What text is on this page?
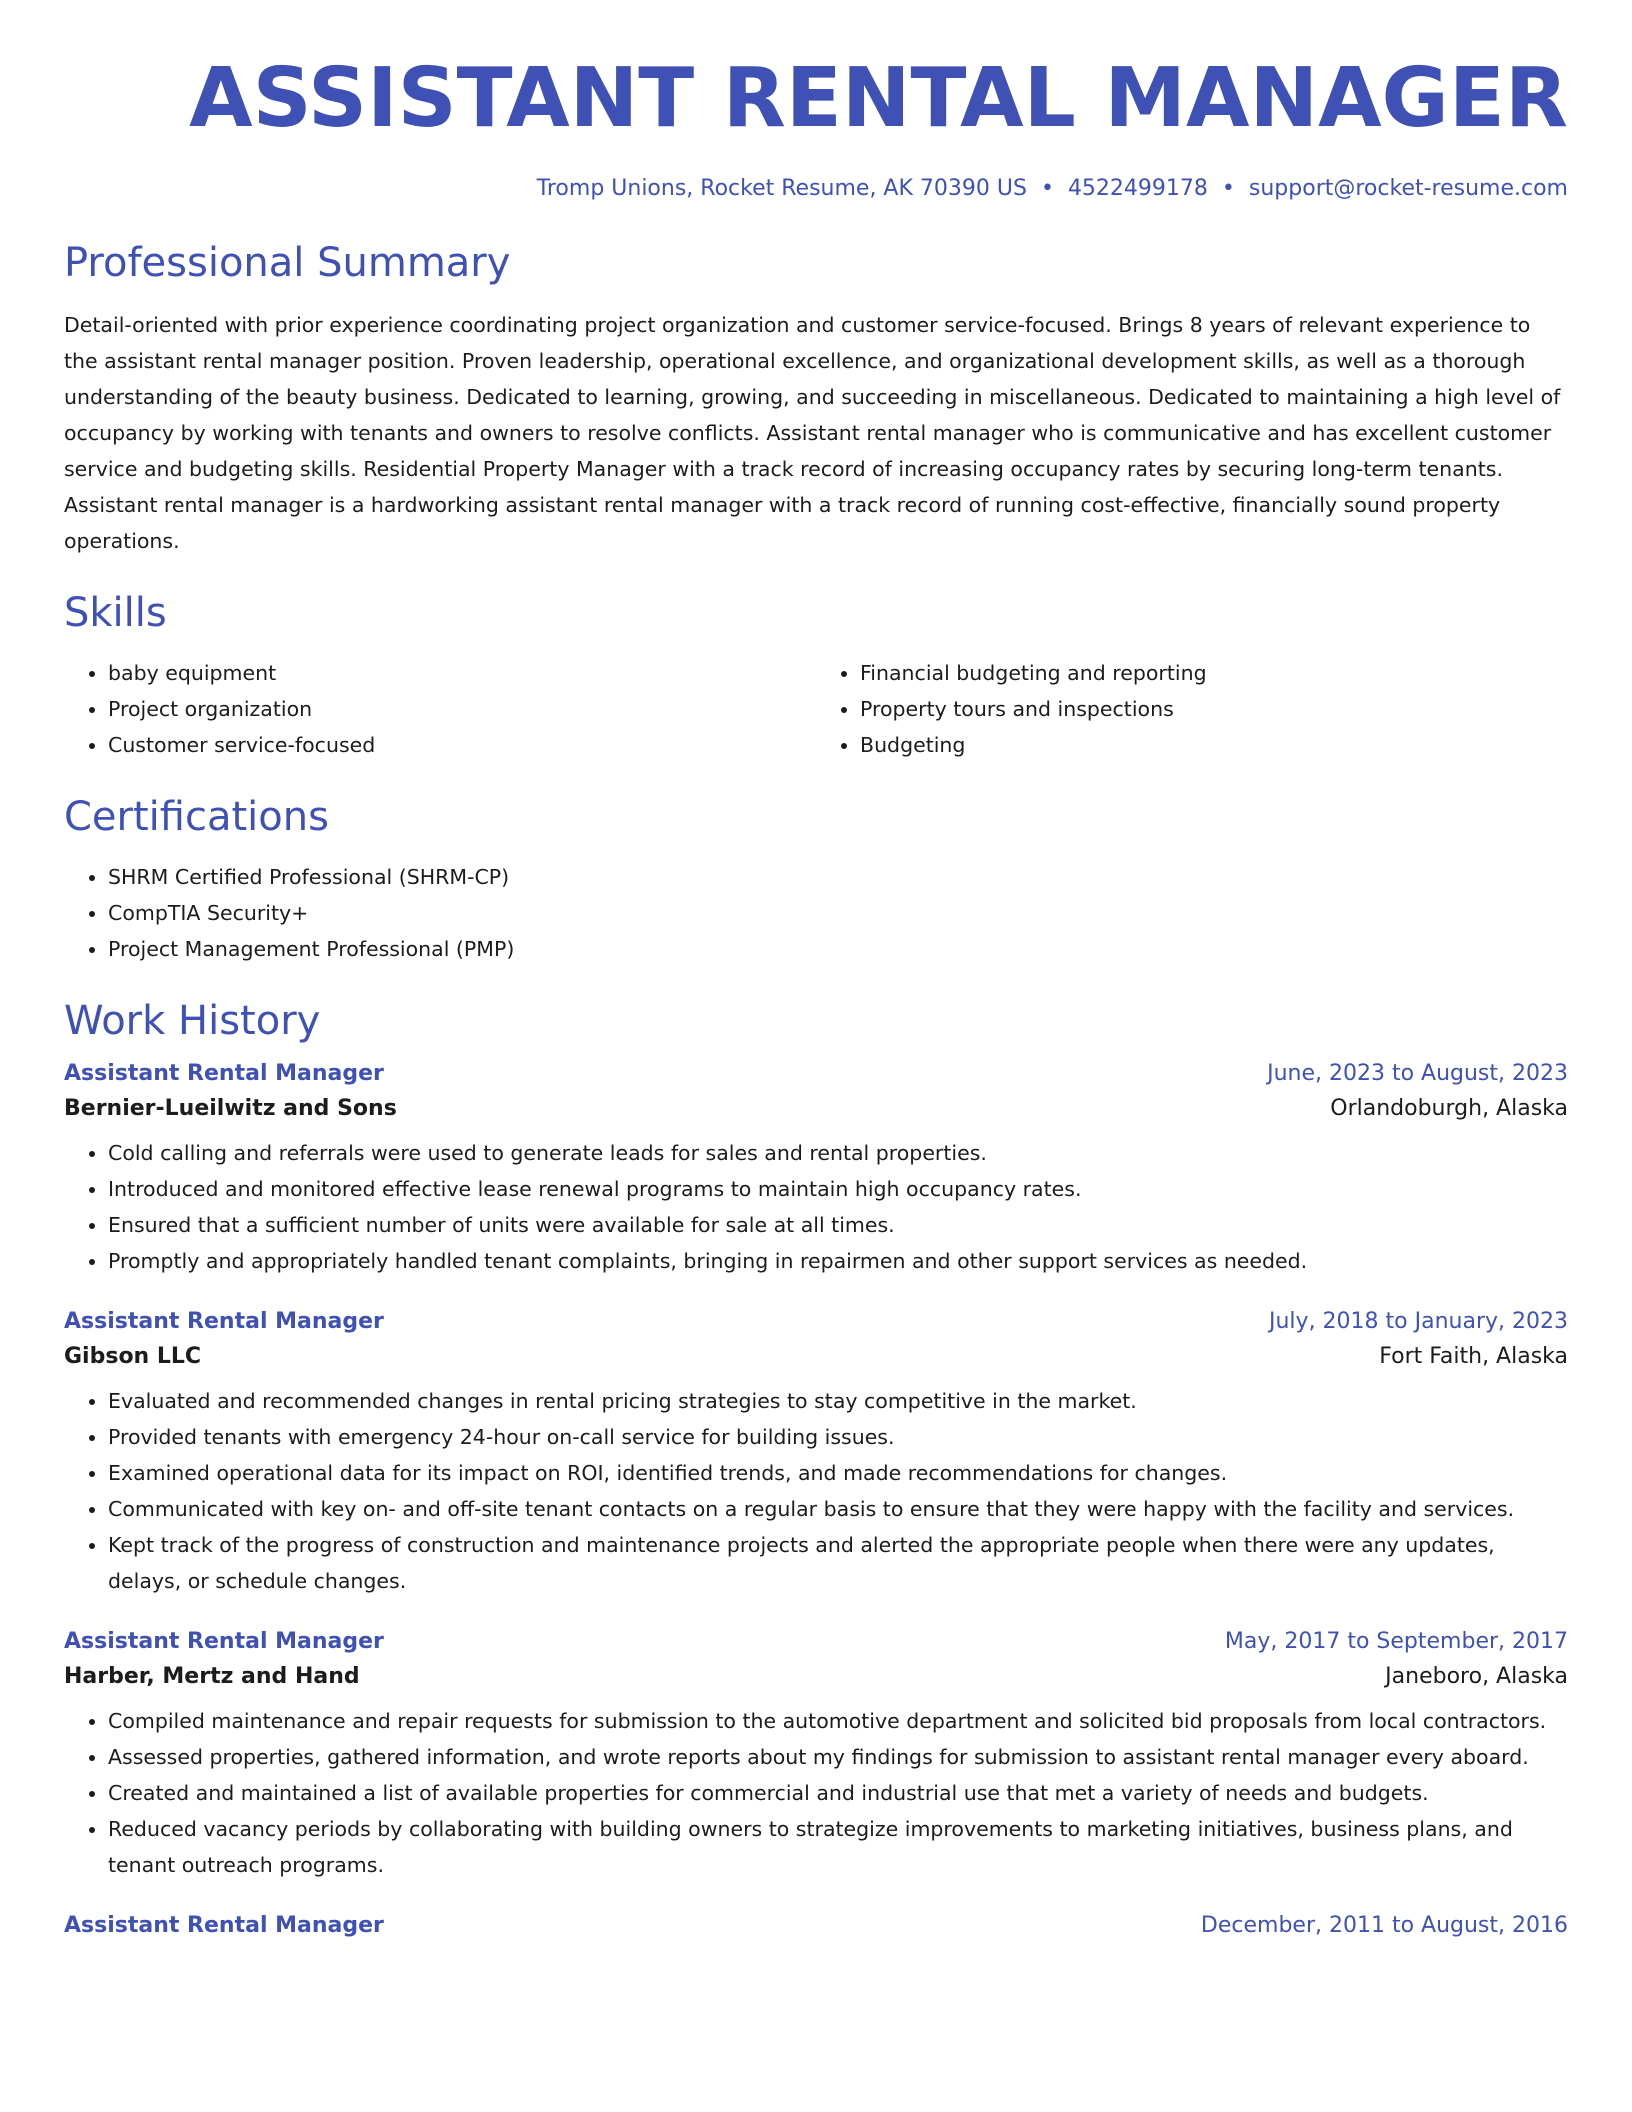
ASSISTANT RENTAL MANAGER
Tromp Unions, Rocket Resume, AK 70390 US • 4522499178 • support@rocket-resume.com
Professional Summary
Detail-oriented with prior experience coordinating project organization and customer service-focused. Brings 8 years of relevant experience to the assistant rental manager position. Proven leadership, operational excellence, and organizational development skills, as well as a thorough understanding of the beauty business. Dedicated to learning, growing, and succeeding in miscellaneous. Dedicated to maintaining a high level of occupancy by working with tenants and owners to resolve conflicts. Assistant rental manager who is communicative and has excellent customer service and budgeting skills. Residential Property Manager with a track record of increasing occupancy rates by securing long-term tenants. Assistant rental manager is a hardworking assistant rental manager with a track record of running cost-effective, financially sound property operations.
Skills
• baby equipment
• Project organization
• Customer service-focused
• Financial budgeting and reporting
• Property tours and inspections
• Budgeting
Certifications
• SHRM Certified Professional (SHRM-CP)
• CompTIA Security+
• Project Management Professional (PMP)
Work History
Assistant Rental Manager	June, 2023 to August, 2023
Bernier-Lueilwitz and Sons	Orlandoburgh, Alaska
• Cold calling and referrals were used to generate leads for sales and rental properties.
• Introduced and monitored effective lease renewal programs to maintain high occupancy rates.
• Ensured that a sufficient number of units were available for sale at all times.
• Promptly and appropriately handled tenant complaints, bringing in repairmen and other support services as needed.
Assistant Rental Manager	July, 2018 to January, 2023
Gibson LLC	Fort Faith, Alaska
• Evaluated and recommended changes in rental pricing strategies to stay competitive in the market.
• Provided tenants with emergency 24-hour on-call service for building issues.
• Examined operational data for its impact on ROI, identified trends, and made recommendations for changes.
• Communicated with key on- and off-site tenant contacts on a regular basis to ensure that they were happy with the facility and services.
• Kept track of the progress of construction and maintenance projects and alerted the appropriate people when there were any updates, delays, or schedule changes.
Assistant Rental Manager	May, 2017 to September, 2017
Harber, Mertz and Hand	Janeboro, Alaska
• Compiled maintenance and repair requests for submission to the automotive department and solicited bid proposals from local contractors.
• Assessed properties, gathered information, and wrote reports about my findings for submission to assistant rental manager every aboard.
• Created and maintained a list of available properties for commercial and industrial use that met a variety of needs and budgets.
• Reduced vacancy periods by collaborating with building owners to strategize improvements to marketing initiatives, business plans, and tenant outreach programs.
Assistant Rental Manager	December, 2011 to August, 2016
